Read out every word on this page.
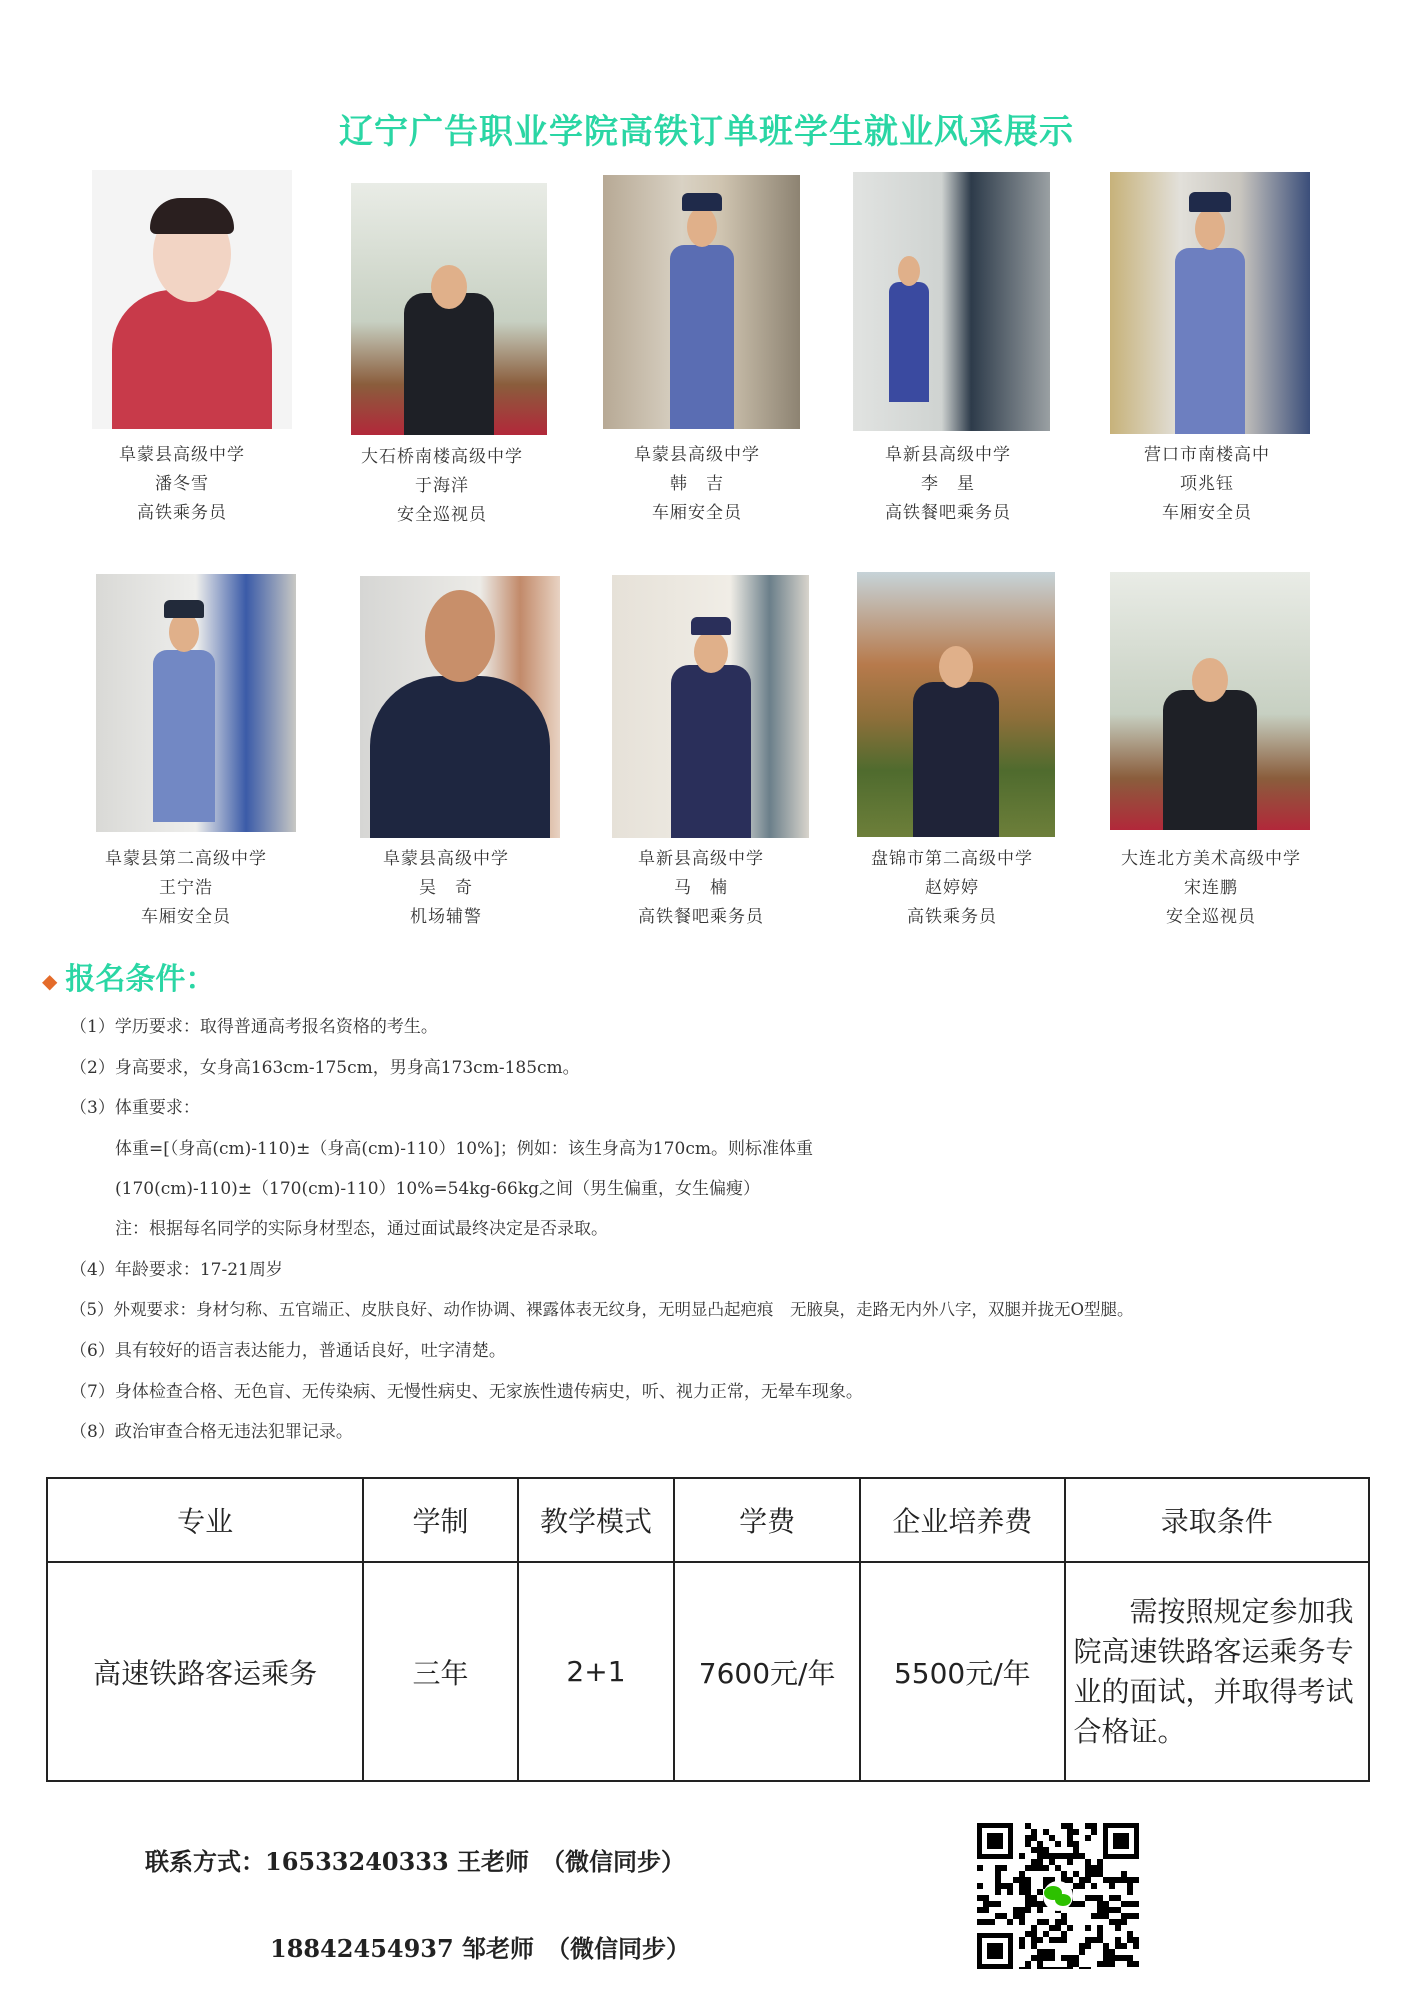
辽宁广告职业学院高铁订单班学生就业风采展示
阜蒙县高级中学
潘冬雪
高铁乘务员
大石桥南楼高级中学
于海洋
安全巡视员
阜蒙县高级中学
韩　吉
车厢安全员
阜新县高级中学
李　星
高铁餐吧乘务员
营口市南楼高中
项兆钰
车厢安全员
阜蒙县第二高级中学
王宁浩
车厢安全员
阜蒙县高级中学
吴　奇
机场辅警
阜新县高级中学
马　楠
高铁餐吧乘务员
盘锦市第二高级中学
赵婷婷
高铁乘务员
大连北方美术高级中学
宋连鹏
安全巡视员
◆ 报名条件：
（1）学历要求：取得普通高考报名资格的考生。
（2）身高要求，女身高163cm-175cm，男身高173cm-185cm。
（3）体重要求：
体重=[（身高(cm)-110)±（身高(cm)-110）10%]；例如：该生身高为170cm。则标准体重
(170(cm)-110)±（170(cm)-110）10%=54kg-66kg之间（男生偏重，女生偏瘦）
注：根据每名同学的实际身材型态，通过面试最终决定是否录取。
（4）年龄要求：17-21周岁
（5）外观要求：身材匀称、五官端正、皮肤良好、动作协调、裸露体表无纹身，无明显凸起疤痕　无腋臭，走路无内外八字，双腿并拢无O型腿。
（6）具有较好的语言表达能力，普通话良好，吐字清楚。
（7）身体检查合格、无色盲、无传染病、无慢性病史、无家族性遗传病史，听、视力正常，无晕车现象。
（8）政治审查合格无违法犯罪记录。
专业	学制	教学模式	学费	企业培养费	录取条件
高速铁路客运乘务	三年	2+1	7600元/年	5500元/年	需按照规定参加我院高速铁路客运乘务专业的面试，并取得考试合格证。
联系方式：16533240333 王老师　（微信同步）
18842454937 邹老师　（微信同步）
